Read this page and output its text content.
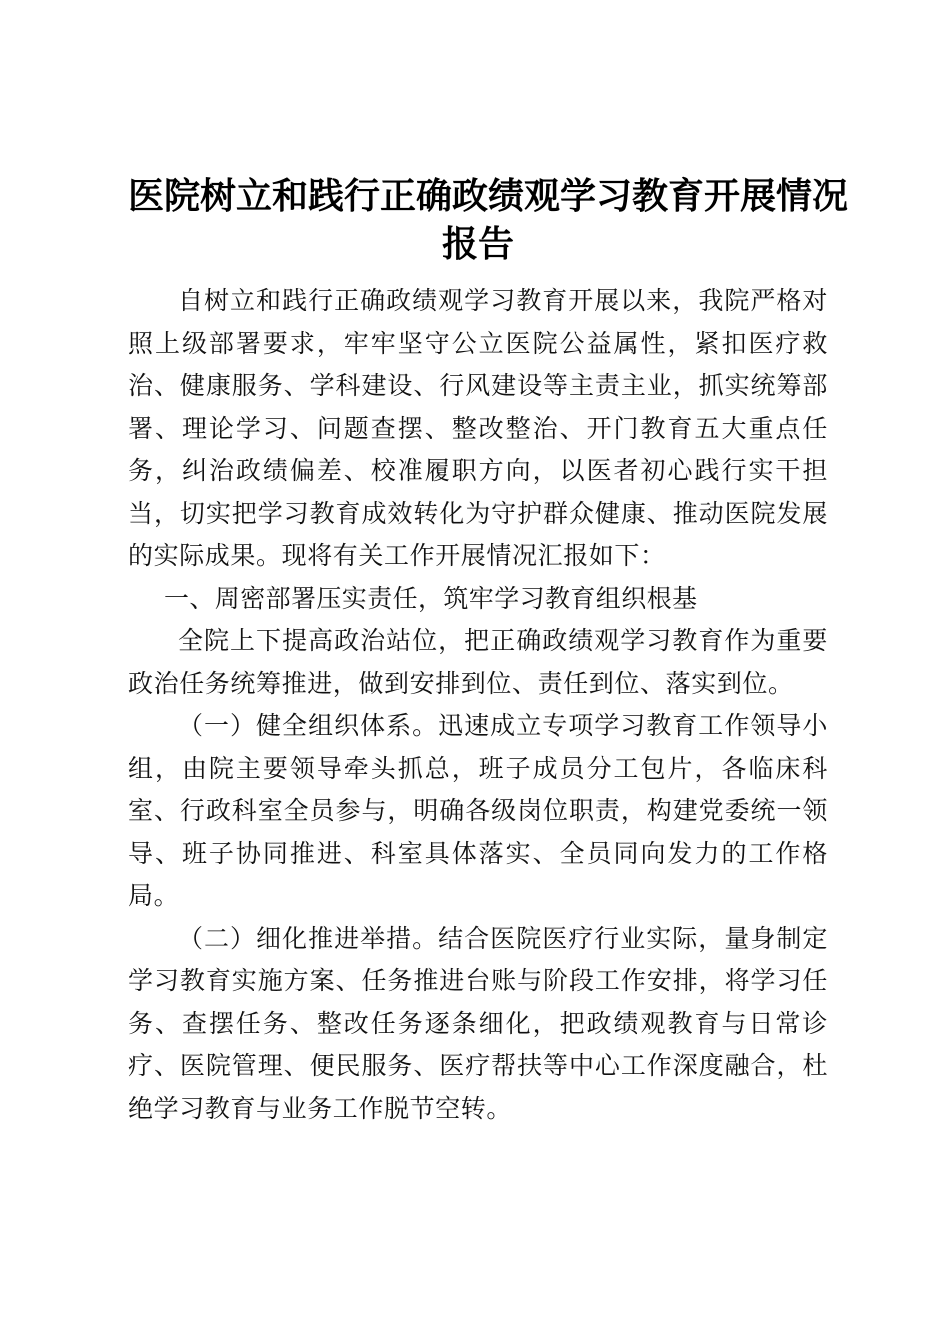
医院树立和践行正确政绩观学习教育开展情况
报告

自树立和践行正确政绩观学习教育开展以来，我院严格对照上级部署要求，牢牢坚守公立医院公益属性，紧扣医疗救治、健康服务、学科建设、行风建设等主责主业，抓实统筹部署、理论学习、问题查摆、整改整治、开门教育五大重点任务，纠治政绩偏差、校准履职方向，以医者初心践行实干担当，切实把学习教育成效转化为守护群众健康、推动医院发展的实际成果。现将有关工作开展情况汇报如下：

一、周密部署压实责任，筑牢学习教育组织根基

全院上下提高政治站位，把正确政绩观学习教育作为重要政治任务统筹推进，做到安排到位、责任到位、落实到位。

（一）健全组织体系。迅速成立专项学习教育工作领导小组，由院主要领导牵头抓总，班子成员分工包片，各临床科室、行政科室全员参与，明确各级岗位职责，构建党委统一领导、班子协同推进、科室具体落实、全员同向发力的工作格局。

（二）细化推进举措。结合医院医疗行业实际，量身制定学习教育实施方案、任务推进台账与阶段工作安排，将学习任务、查摆任务、整改任务逐条细化，把政绩观教育与日常诊疗、医院管理、便民服务、医疗帮扶等中心工作深度融合，杜绝学习教育与业务工作脱节空转。
